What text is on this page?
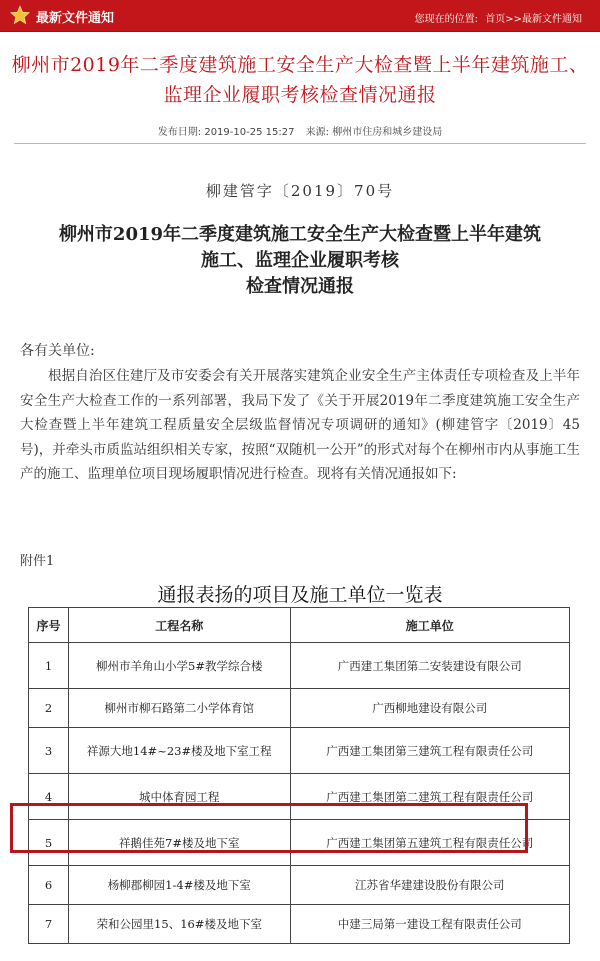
最新文件通知	您现在的位置: 首页>>最新文件通知
柳州市2019年二季度建筑施工安全生产大检查暨上半年建筑施工、监理企业履职考核检查情况通报
发布日期: 2019-10-25 15:27 来源: 柳州市住房和城乡建设局
柳建管字〔2019〕70号
柳州市2019年二季度建筑施工安全生产大检查暨上半年建筑
施工、监理企业履职考核
检查情况通报
各有关单位:
根据自治区住建厅及市安委会有关开展落实建筑企业安全生产主体责任专项检查及上半年安全生产大检查工作的一系列部署，我局下发了《关于开展2019年二季度建筑施工安全生产大检查暨上半年建筑工程质量安全层级监督情况专项调研的通知》(柳建管字〔2019〕45号)，并牵头市质监站组织相关专家，按照“双随机一公开”的形式对每个在柳州市内从事施工生产的施工、监理单位项目现场履职情况进行检查。现将有关情况通报如下:
附件1
通报表扬的项目及施工单位一览表
序号	工程名称	施工单位
1	柳州市羊角山小学5#教学综合楼	广西建工集团第二安装建设有限公司
2	柳州市柳石路第二小学体育馆	广西柳地建设有限公司
3	祥源大地14#~23#楼及地下室工程	广西建工集团第三建筑工程有限责任公司
4	城中体育园工程	广西建工集团第二建筑工程有限责任公司
5	祥鹅佳苑7#楼及地下室	广西建工集团第五建筑工程有限责任公司
6	杨柳郡柳园1-4#楼及地下室	江苏省华建建设股份有限公司
7	荣和公园里15、16#楼及地下室	中建三局第一建设工程有限责任公司
